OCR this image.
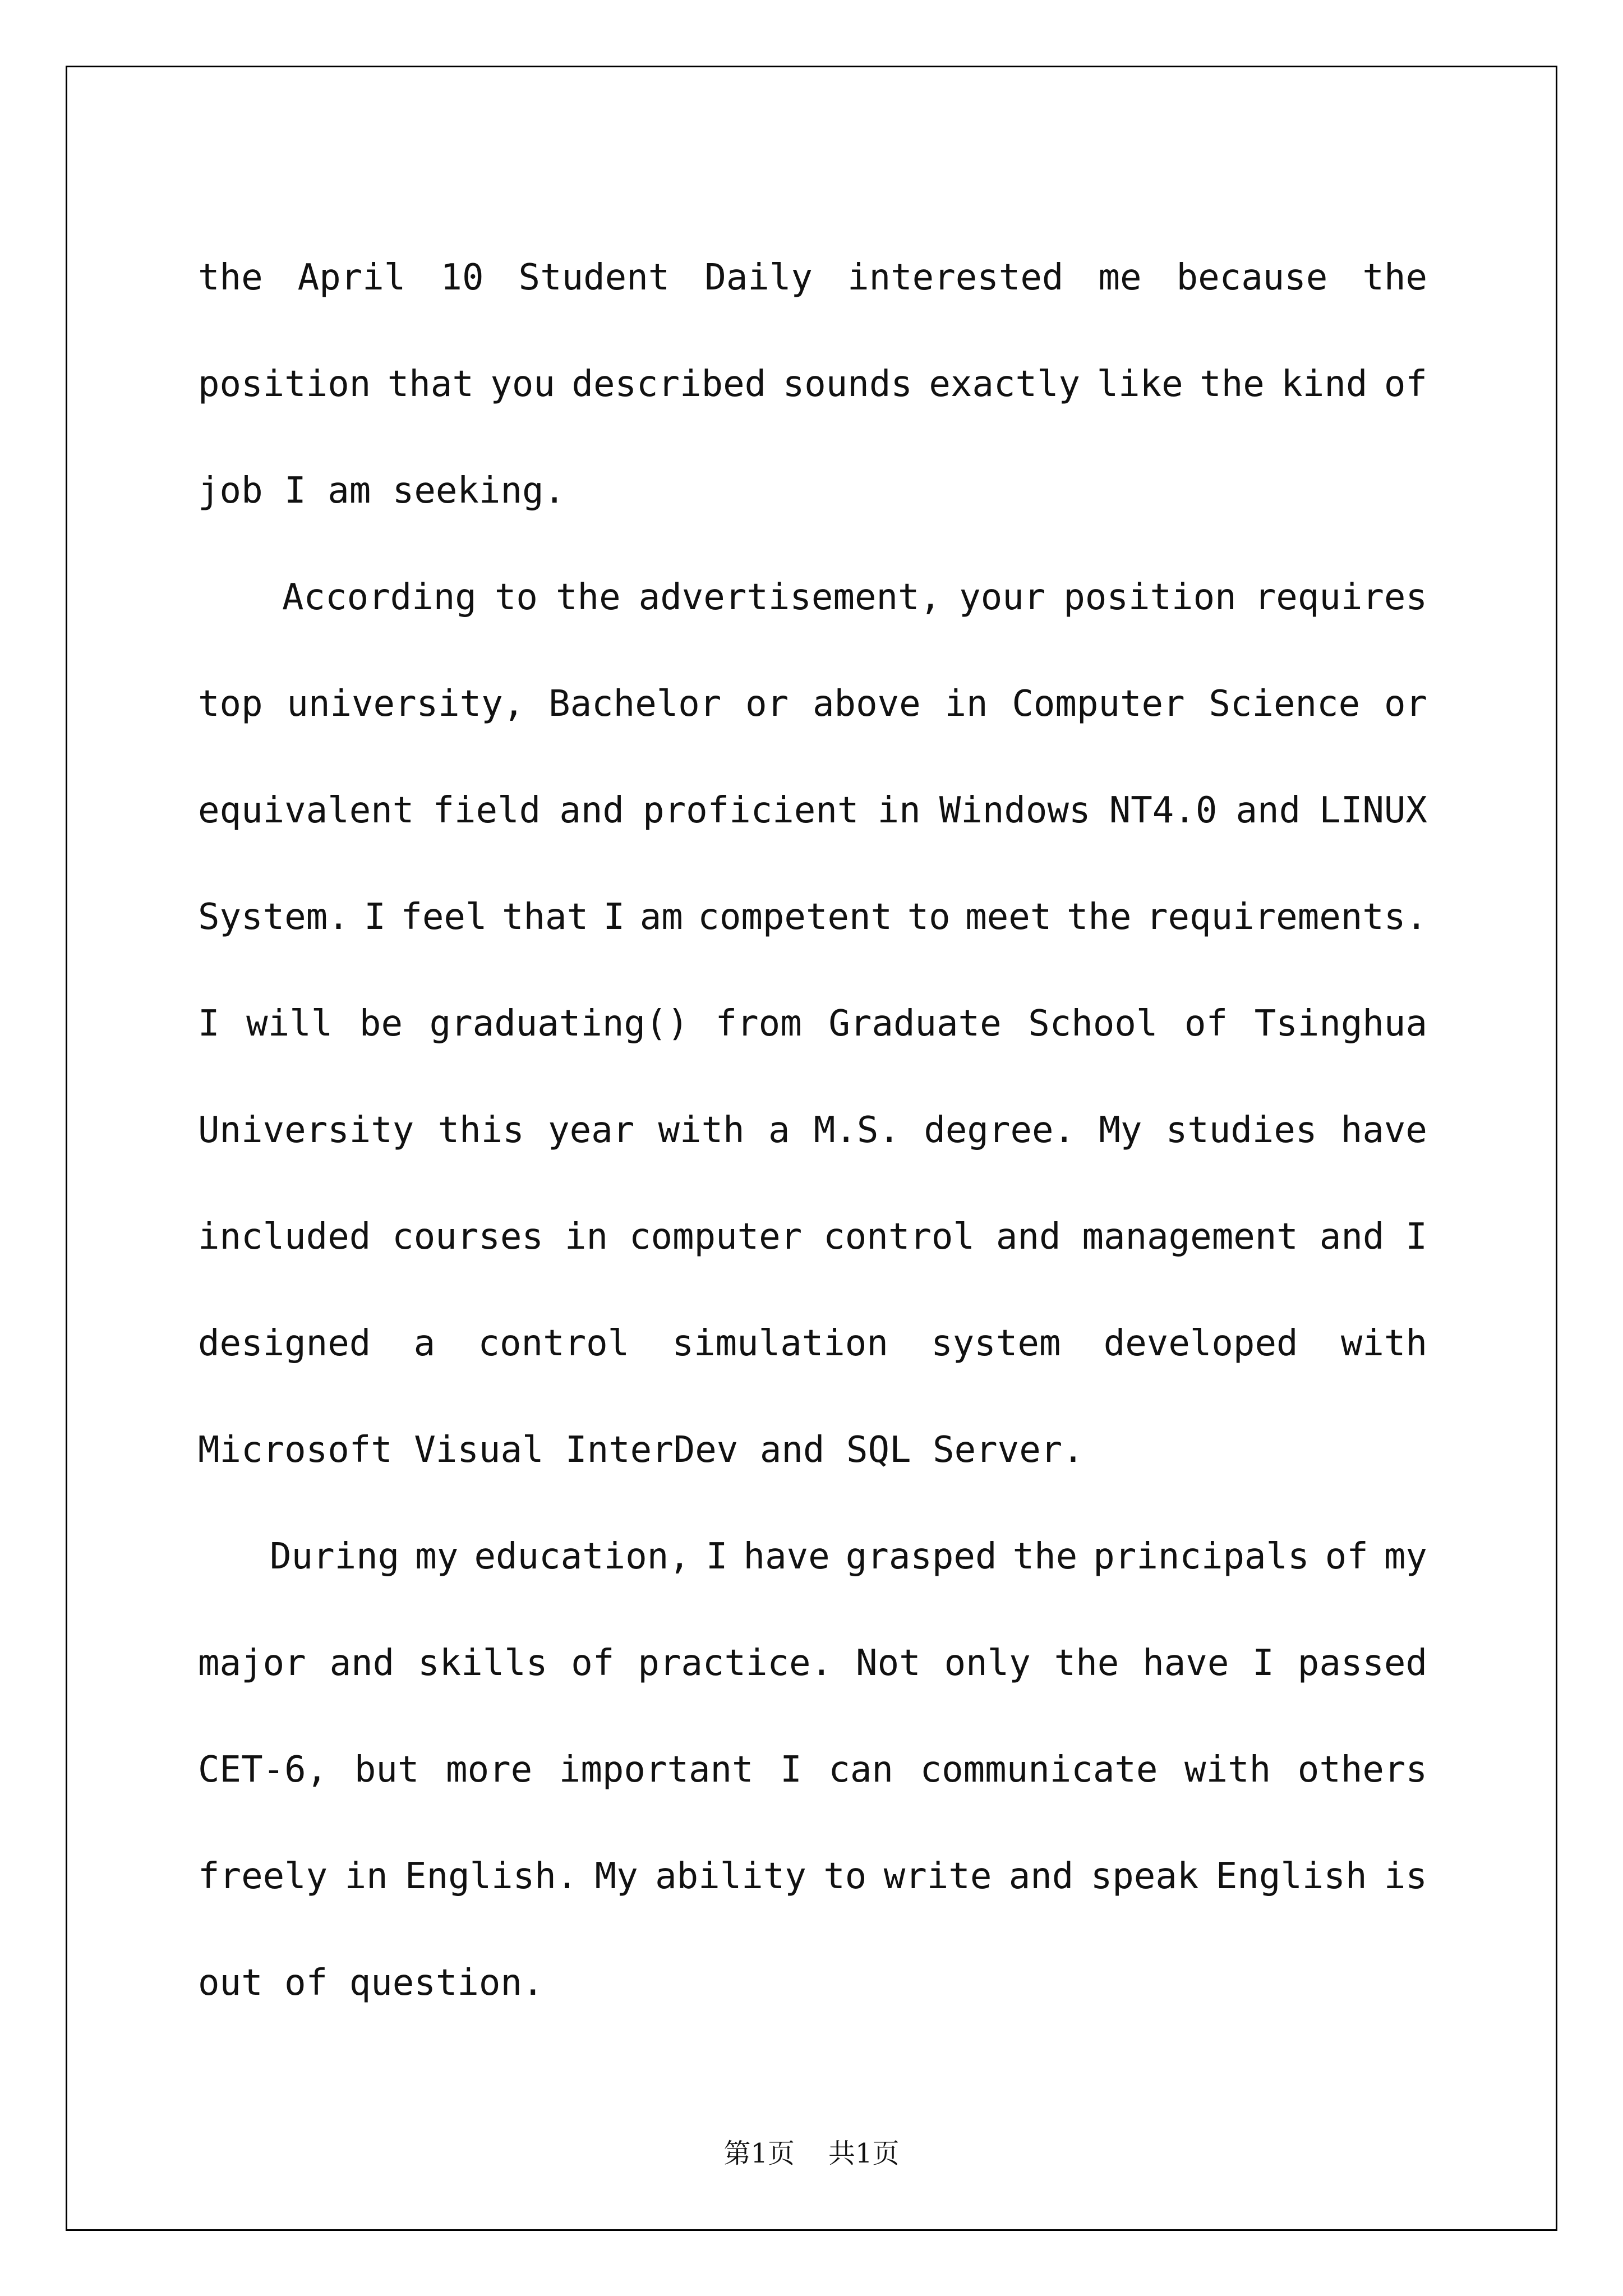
the April 10 Student Daily interested me because the
position that you described sounds exactly like the kind of
job I am seeking.
According to the advertisement, your position requires
top university, Bachelor or above in Computer Science or
equivalent field and proficient in Windows NT4.0 and LINUX
System. I feel that I am competent to meet the requirements.
I will be graduating() from Graduate School of Tsinghua
University this year with a M.S. degree. My studies have
included courses in computer control and management and I
designed a control simulation system developed with
Microsoft Visual InterDev and SQL Server.
During my education, I have grasped the principals of my
major and skills of practice. Not only the have I passed
CET-6, but more important I can communicate with others
freely in English. My ability to write and speak English is
out of question.
第1页 共1页
